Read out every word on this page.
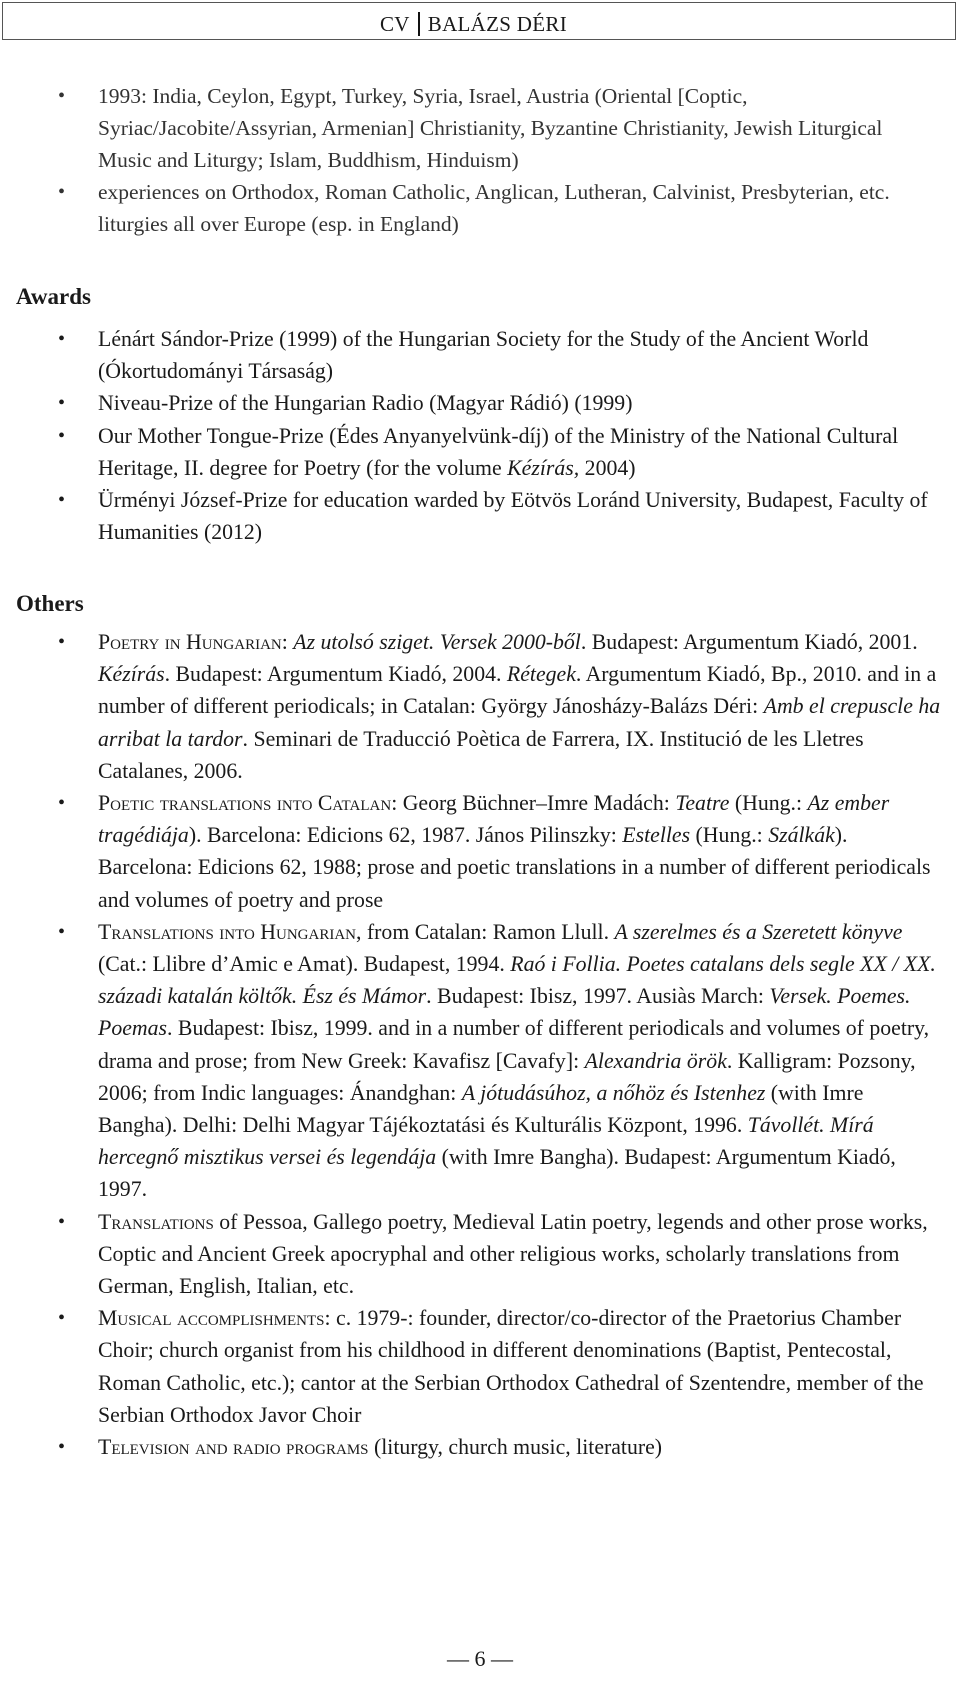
CV BALÁZS DÉRI
• 1993: India, Ceylon, Egypt, Turkey, Syria, Israel, Austria (Oriental [Coptic, Syriac/Jacobite/Assyrian, Armenian] Christianity, Byzantine Christianity, Jewish Liturgical Music and Liturgy; Islam, Buddhism, Hinduism)
• experiences on Orthodox, Roman Catholic, Anglican, Lutheran, Calvinist, Presbyterian, etc. liturgies all over Europe (esp. in England)
Awards
• Lénárt Sándor-Prize (1999) of the Hungarian Society for the Study of the Ancient World (Ókortudományi Társaság)
• Niveau-Prize of the Hungarian Radio (Magyar Rádió) (1999)
• Our Mother Tongue-Prize (Édes Anyanyelvünk-díj) of the Ministry of the National Cultural Heritage, II. degree for Poetry (for the volume Kézírás, 2004)
• Ürményi József-Prize for education warded by Eötvös Loránd University, Budapest, Faculty of Humanities (2012)
Others
• Poetry in Hungarian: Az utolsó sziget. Versek 2000-ből. Budapest: Argumentum Kiadó, 2001. Kézírás. Budapest: Argumentum Kiadó, 2004. Rétegek. Argumentum Kiadó, Bp., 2010. and in a number of different periodicals; in Catalan: György Jánosházy-Balázs Déri: Amb el crepuscle ha arribat la tardor. Seminari de Traducció Poètica de Farrera, IX. Institució de les Lletres Catalanes, 2006.
• Poetic translations into Catalan: Georg Büchner–Imre Madách: Teatre (Hung.: Az ember tragédiája). Barcelona: Edicions 62, 1987. János Pilinszky: Estelles (Hung.: Szálkák). Barcelona: Edicions 62, 1988; prose and poetic translations in a number of different periodicals and volumes of poetry and prose
• Translations into Hungarian, from Catalan: Ramon Llull. A szerelmes és a Szeretett könyve (Cat.: Llibre d’Amic e Amat). Budapest, 1994. Raó i Follia. Poetes catalans dels segle XX / XX. századi katalán költők. Ész és Mámor. Budapest: Ibisz, 1997. Ausiàs March: Versek. Poemes. Poemas. Budapest: Ibisz, 1999. and in a number of different periodicals and volumes of poetry, drama and prose; from New Greek: Kavafisz [Cavafy]: Alexandria örök. Kalligram: Pozsony, 2006; from Indic languages: Ánandghan: A jótudásúhoz, a nőhöz és Istenhez (with Imre Bangha). Delhi: Delhi Magyar Tájékoztatási és Kulturális Központ, 1996. Távollét. Mírá hercegnő misztikus versei és legendája (with Imre Bangha). Budapest: Argumentum Kiadó, 1997.
• Translations of Pessoa, Gallego poetry, Medieval Latin poetry, legends and other prose works, Coptic and Ancient Greek apocryphal and other religious works, scholarly translations from German, English, Italian, etc.
• Musical accomplishments: c. 1979-: founder, director/co-director of the Praetorius Chamber Choir; church organist from his childhood in different denominations (Baptist, Pentecostal, Roman Catholic, etc.); cantor at the Serbian Orthodox Cathedral of Szentendre, member of the Serbian Orthodox Javor Choir
• Television and radio programs (liturgy, church music, literature)
— 6 —
